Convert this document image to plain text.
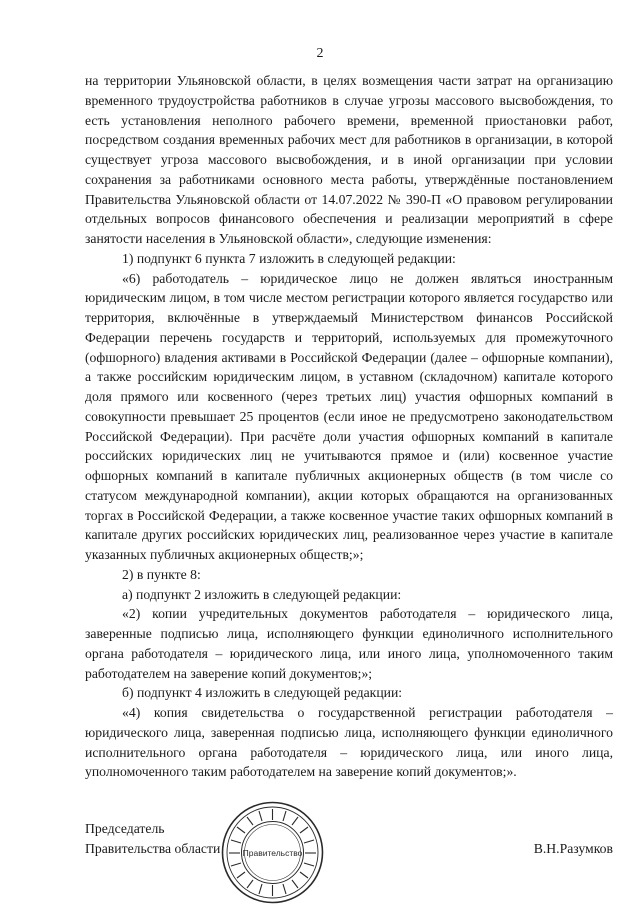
2

на территории Ульяновской области, в целях возмещения части затрат на организацию временного трудоустройства работников в случае угрозы массового высвобождения, то есть установления неполного рабочего времени, временной приостановки работ, посредством создания временных рабочих мест для работников в организации, в которой существует угроза массового высвобождения, и в иной организации при условии сохранения за работниками основного места работы, утверждённые постановлением Правительства Ульяновской области от 14.07.2022 № 390-П «О правовом регулировании отдельных вопросов финансового обеспечения и реализации мероприятий в сфере занятости населения в Ульяновской области», следующие изменения:

1) подпункт 6 пункта 7 изложить в следующей редакции:

«6) работодатель – юридическое лицо не должен являться иностранным юридическим лицом, в том числе местом регистрации которого является государство или территория, включённые в утверждаемый Министерством финансов Российской Федерации перечень государств и территорий, используемых для промежуточного (офшорного) владения активами в Российской Федерации (далее – офшорные компании), а также российским юридическим лицом, в уставном (складочном) капитале которого доля прямого или косвенного (через третьих лиц) участия офшорных компаний в совокупности превышает 25 процентов (если иное не предусмотрено законодательством Российской Федерации). При расчёте доли участия офшорных компаний в капитале российских юридических лиц не учитываются прямое и (или) косвенное участие офшорных компаний в капитале публичных акционерных обществ (в том числе со статусом международной компании), акции которых обращаются на организованных торгах в Российской Федерации, а также косвенное участие таких офшорных компаний в капитале других российских юридических лиц, реализованное через участие в капитале указанных публичных акционерных обществ;»;

2) в пункте 8:

а) подпункт 2 изложить в следующей редакции:

«2) копии учредительных документов работодателя – юридического лица, заверенные подписью лица, исполняющего функции единоличного исполнительного органа работодателя – юридического лица, или иного лица, уполномоченного таким работодателем на заверение копий документов;»;

б) подпункт 4 изложить в следующей редакции:

«4) копия свидетельства о государственной регистрации работодателя – юридического лица, заверенная подписью лица, исполняющего функции единоличного исполнительного органа работодателя – юридического лица, или иного лица, уполномоченного таким работодателем на заверение копий документов;».

Председатель
Правительства области	В.Н.Разумков
Правительство
